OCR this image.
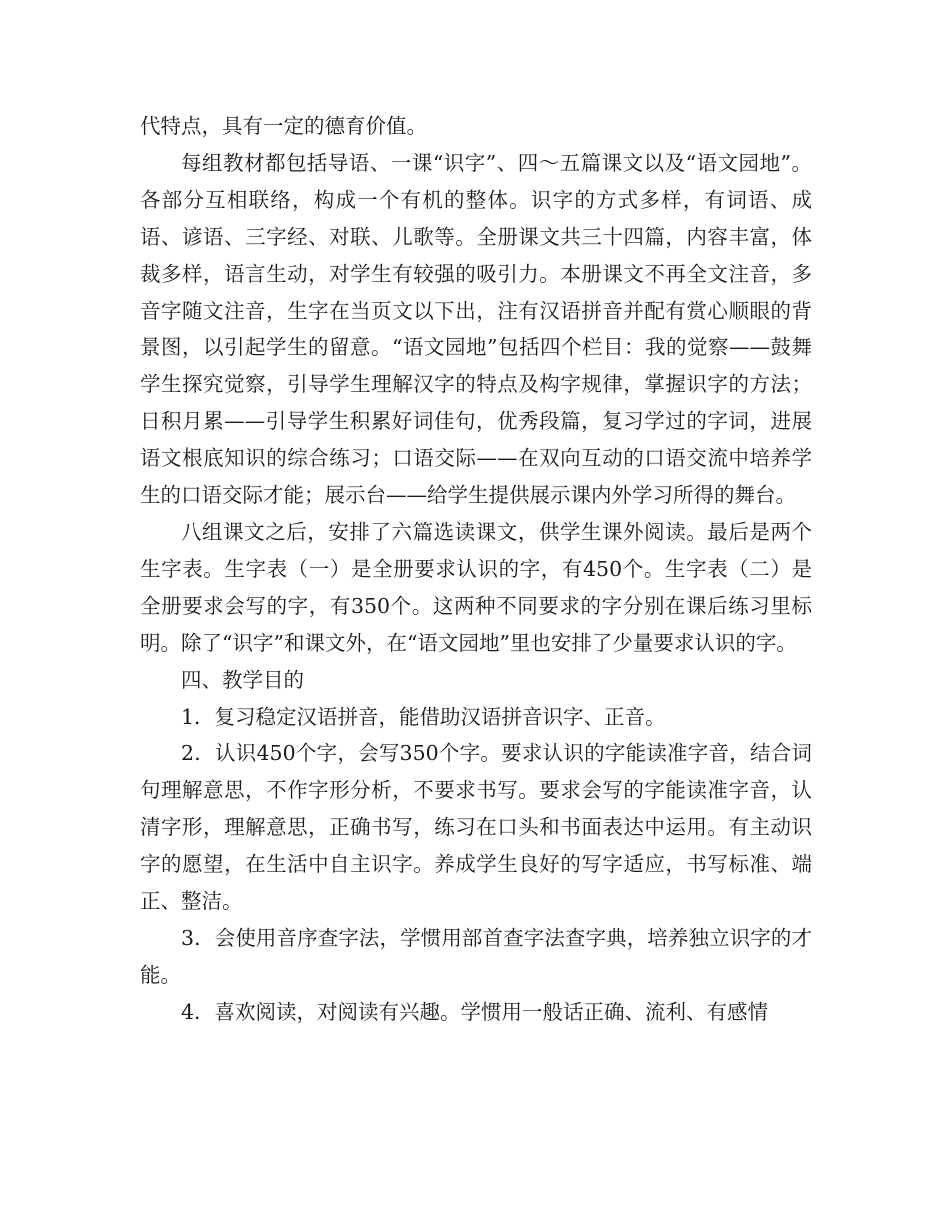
代特点，具有一定的德育价值。

每组教材都包括导语、一课“识字”、四～五篇课文以及“语文园地”。各部分互相联络，构成一个有机的整体。识字的方式多样，有词语、成语、谚语、三字经、对联、儿歌等。全册课文共三十四篇，内容丰富，体裁多样，语言生动，对学生有较强的吸引力。本册课文不再全文注音，多音字随文注音，生字在当页文以下出，注有汉语拼音并配有赏心顺眼的背景图，以引起学生的留意。“语文园地”包括四个栏目：我的觉察——鼓舞学生探究觉察，引导学生理解汉字的特点及构字规律，掌握识字的方法；日积月累——引导学生积累好词佳句，优秀段篇，复习学过的字词，进展语文根底知识的综合练习；口语交际——在双向互动的口语交流中培养学生的口语交际才能；展示台——给学生提供展示课内外学习所得的舞台。

八组课文之后，安排了六篇选读课文，供学生课外阅读。最后是两个生字表。生字表（一）是全册要求认识的字，有450个。生字表（二）是全册要求会写的字，有350个。这两种不同要求的字分别在课后练习里标明。除了“识字”和课文外，在“语文园地”里也安排了少量要求认识的字。

四、教学目的

1．复习稳定汉语拼音，能借助汉语拼音识字、正音。

2．认识450个字，会写350个字。要求认识的字能读准字音，结合词句理解意思，不作字形分析，不要求书写。要求会写的字能读准字音，认清字形，理解意思，正确书写，练习在口头和书面表达中运用。有主动识字的愿望，在生活中自主识字。养成学生良好的写字适应，书写标准、端正、整洁。

3．会使用音序查字法，学惯用部首查字法查字典，培养独立识字的才能。

4．喜欢阅读，对阅读有兴趣。学惯用一般话正确、流利、有感情
